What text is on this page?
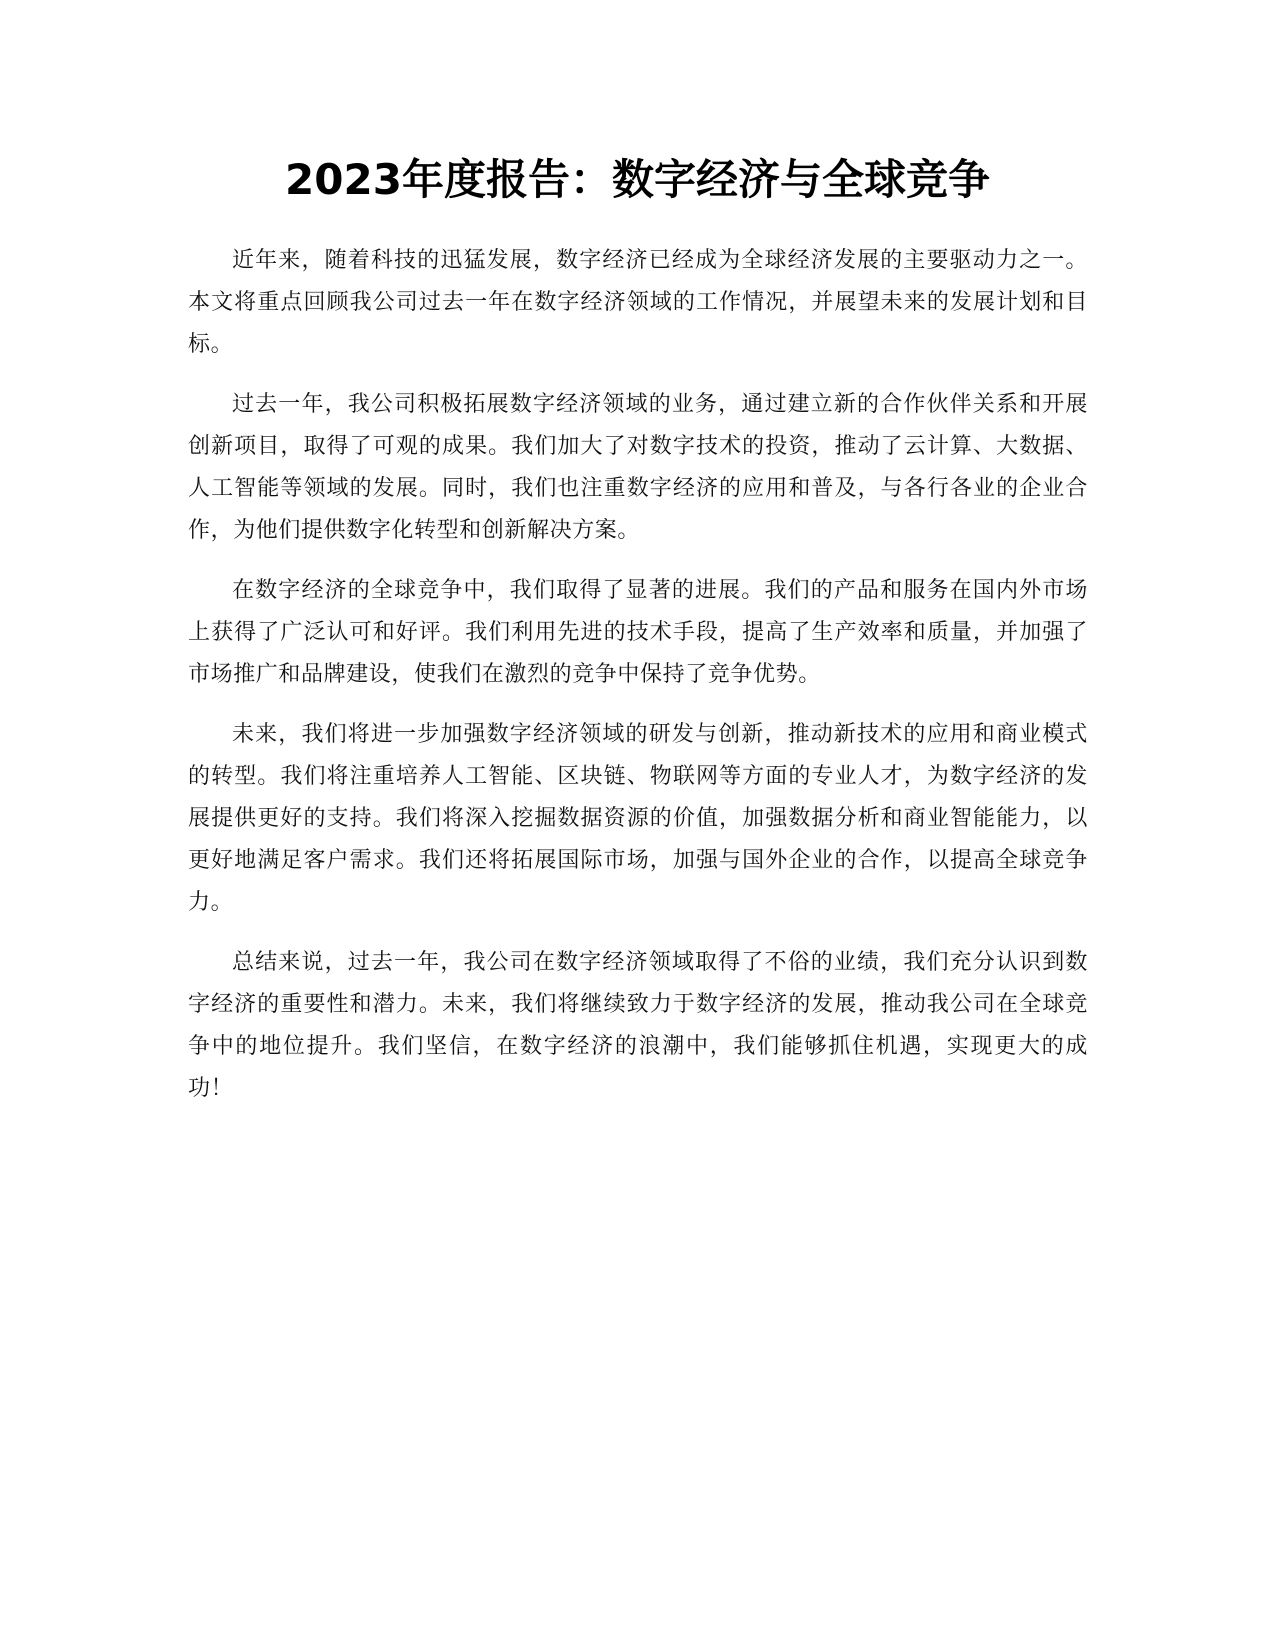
2023年度报告：数字经济与全球竞争

近年来，随着科技的迅猛发展，数字经济已经成为全球经济发展的主要驱动力之一。本文将重点回顾我公司过去一年在数字经济领域的工作情况，并展望未来的发展计划和目标。

过去一年，我公司积极拓展数字经济领域的业务，通过建立新的合作伙伴关系和开展创新项目，取得了可观的成果。我们加大了对数字技术的投资，推动了云计算、大数据、人工智能等领域的发展。同时，我们也注重数字经济的应用和普及，与各行各业的企业合作，为他们提供数字化转型和创新解决方案。

在数字经济的全球竞争中，我们取得了显著的进展。我们的产品和服务在国内外市场上获得了广泛认可和好评。我们利用先进的技术手段，提高了生产效率和质量，并加强了市场推广和品牌建设，使我们在激烈的竞争中保持了竞争优势。

未来，我们将进一步加强数字经济领域的研发与创新，推动新技术的应用和商业模式的转型。我们将注重培养人工智能、区块链、物联网等方面的专业人才，为数字经济的发展提供更好的支持。我们将深入挖掘数据资源的价值，加强数据分析和商业智能能力，以更好地满足客户需求。我们还将拓展国际市场，加强与国外企业的合作，以提高全球竞争力。

总结来说，过去一年，我公司在数字经济领域取得了不俗的业绩，我们充分认识到数字经济的重要性和潜力。未来，我们将继续致力于数字经济的发展，推动我公司在全球竞争中的地位提升。我们坚信，在数字经济的浪潮中，我们能够抓住机遇，实现更大的成功！
